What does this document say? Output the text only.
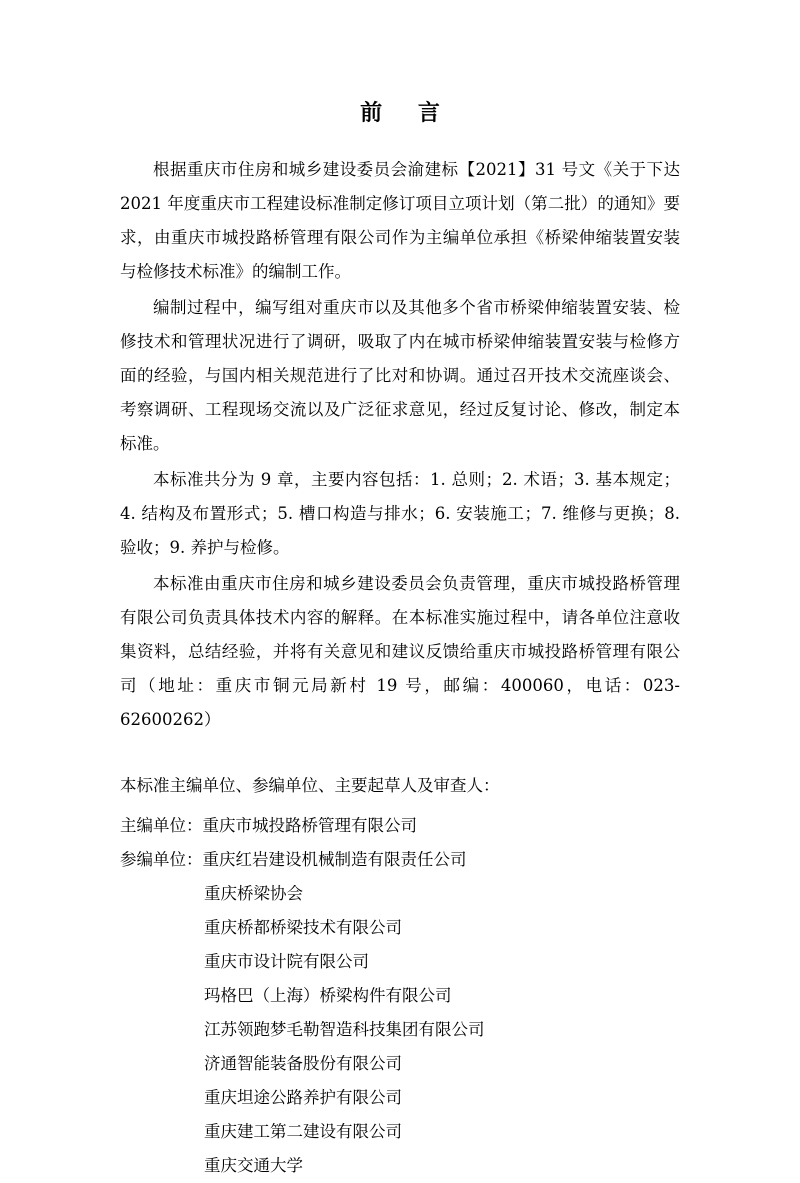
前 言

根据重庆市住房和城乡建设委员会渝建标【2021】31 号文《关于下达 2021 年度重庆市工程建设标准制定修订项目立项计划（第二批）的通知》要求，由重庆市城投路桥管理有限公司作为主编单位承担《桥梁伸缩装置安装与检修技术标准》的编制工作。

编制过程中，编写组对重庆市以及其他多个省市桥梁伸缩装置安装、检修技术和管理状况进行了调研，吸取了内在城市桥梁伸缩装置安装与检修方面的经验，与国内相关规范进行了比对和协调。通过召开技术交流座谈会、考察调研、工程现场交流以及广泛征求意见，经过反复讨论、修改，制定本标准。

本标准共分为 9 章，主要内容包括：1. 总则；2. 术语；3. 基本规定；4. 结构及布置形式；5. 槽口构造与排水；6. 安装施工；7. 维修与更换；8. 验收；9. 养护与检修。

本标准由重庆市住房和城乡建设委员会负责管理，重庆市城投路桥管理有限公司负责具体技术内容的解释。在本标准实施过程中，请各单位注意收集资料，总结经验，并将有关意见和建议反馈给重庆市城投路桥管理有限公司（地址：重庆市铜元局新村 19 号，邮编：400060，电话：023-62600262）

本标准主编单位、参编单位、主要起草人及审查人：

主编单位：重庆市城投路桥管理有限公司

参编单位：重庆红岩建设机械制造有限责任公司

重庆桥梁协会

重庆桥都桥梁技术有限公司

重庆市设计院有限公司

玛格巴（上海）桥梁构件有限公司

江苏领跑梦毛勒智造科技集团有限公司

济通智能装备股份有限公司

重庆坦途公路养护有限公司

重庆建工第二建设有限公司

重庆交通大学
